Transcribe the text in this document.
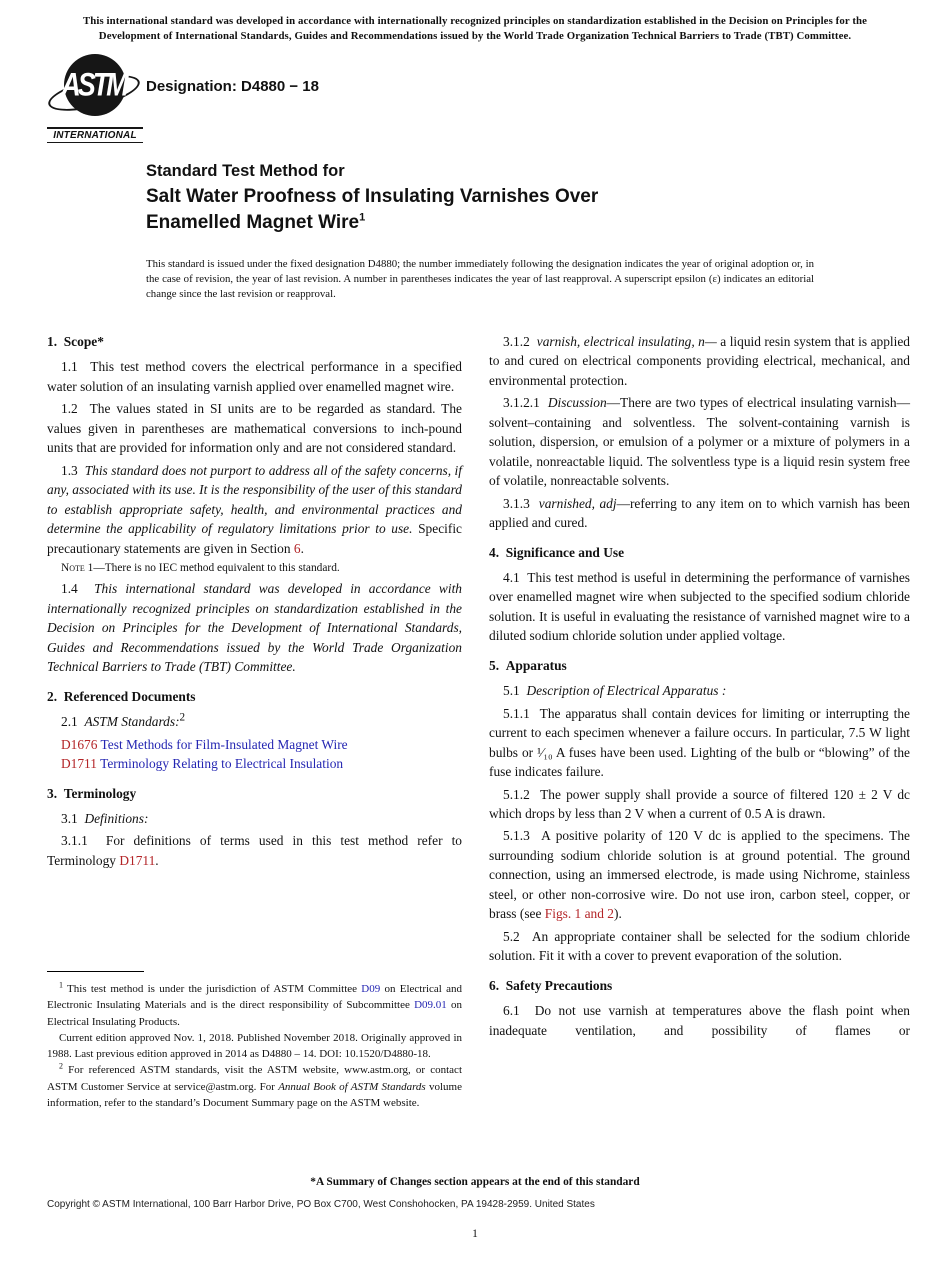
This international standard was developed in accordance with internationally recognized principles on standardization established in the Decision on Principles for the Development of International Standards, Guides and Recommendations issued by the World Trade Organization Technical Barriers to Trade (TBT) Committee.
ASTM
INTERNATIONAL
Designation: D4880 − 18
Standard Test Method for
Salt Water Proofness of Insulating Varnishes Over
Enamelled Magnet Wire$^1$
This standard is issued under the fixed designation D4880; the number immediately following the designation indicates the year of original adoption or, in the case of revision, the year of last revision. A number in parentheses indicates the year of last reapproval. A superscript epsilon (ε) indicates an editorial change since the last revision or reapproval.
1.  Scope*

1.1  This test method covers the electrical performance in a specified water solution of an insulating varnish applied over enamelled magnet wire.

1.2  The values stated in SI units are to be regarded as standard. The values given in parentheses are mathematical conversions to inch-pound units that are provided for information only and are not considered standard.

1.3  This standard does not purport to address all of the safety concerns, if any, associated with its use. It is the responsibility of the user of this standard to establish appropriate safety, health, and environmental practices and determine the applicability of regulatory limitations prior to use. Specific precautionary statements are given in Section 6.

Note 1—There is no IEC method equivalent to this standard.

1.4  This international standard was developed in accordance with internationally recognized principles on standardization established in the Decision on Principles for the Development of International Standards, Guides and Recommendations issued by the World Trade Organization Technical Barriers to Trade (TBT) Committee.

2.  Referenced Documents

2.1  ASTM Standards:$^2$

D1676 Test Methods for Film-Insulated Magnet Wire

D1711 Terminology Relating to Electrical Insulation

3.  Terminology

3.1  Definitions:

3.1.1  For definitions of terms used in this test method refer to Terminology D1711.

3.1.2  varnish, electrical insulating, n— a liquid resin system that is applied to and cured on electrical components providing electrical, mechanical, and environmental protection.

3.1.2.1  Discussion—There are two types of electrical insulating varnish— solvent–containing and solventless. The solvent-containing varnish is solution, dispersion, or emulsion of a polymer or a mixture of polymers in a volatile, nonreactable liquid. The solventless type is a liquid resin system free of volatile, nonreactable solvents.

3.1.3  varnished, adj—referring to any item on to which varnish has been applied and cured.

4.  Significance and Use

4.1  This test method is useful in determining the performance of varnishes over enamelled magnet wire when subjected to the specified sodium chloride solution. It is useful in evaluating the resistance of varnished magnet wire to a diluted sodium chloride solution under applied voltage.

5.  Apparatus

5.1  Description of Electrical Apparatus :

5.1.1  The apparatus shall contain devices for limiting or interrupting the current to each specimen whenever a failure occurs. In particular, 7.5 W light bulbs or ¹⁄₁₀ A fuses have been used. Lighting of the bulb or “blowing” of the fuse indicates failure.

5.1.2  The power supply shall provide a source of filtered 120 ± 2 V dc which drops by less than 2 V when a current of 0.5 A is drawn.

5.1.3  A positive polarity of 120 V dc is applied to the specimens. The surrounding sodium chloride solution is at ground potential. The ground connection, using an immersed electrode, is made using Nichrome, stainless steel, or other non-corrosive wire. Do not use iron, carbon steel, copper, or brass (see Figs. 1 and 2).

5.2  An appropriate container shall be selected for the sodium chloride solution. Fit it with a cover to prevent evaporation of the solution.

6.  Safety Precautions

6.1  Do not use varnish at temperatures above the flash point when inadequate ventilation, and possibility of flames or

$^1$ This test method is under the jurisdiction of ASTM Committee D09 on Electrical and Electronic Insulating Materials and is the direct responsibility of Subcommittee D09.01 on Electrical Insulating Products.

Current edition approved Nov. 1, 2018. Published November 2018. Originally approved in 1988. Last previous edition approved in 2014 as D4880 – 14. DOI: 10.1520/D4880-18.

$^2$ For referenced ASTM standards, visit the ASTM website, www.astm.org, or contact ASTM Customer Service at service@astm.org. For Annual Book of ASTM Standards volume information, refer to the standard’s Document Summary page on the ASTM website.

*A Summary of Changes section appears at the end of this standard
Copyright © ASTM International, 100 Barr Harbor Drive, PO Box C700, West Conshohocken, PA 19428-2959. United States
1
